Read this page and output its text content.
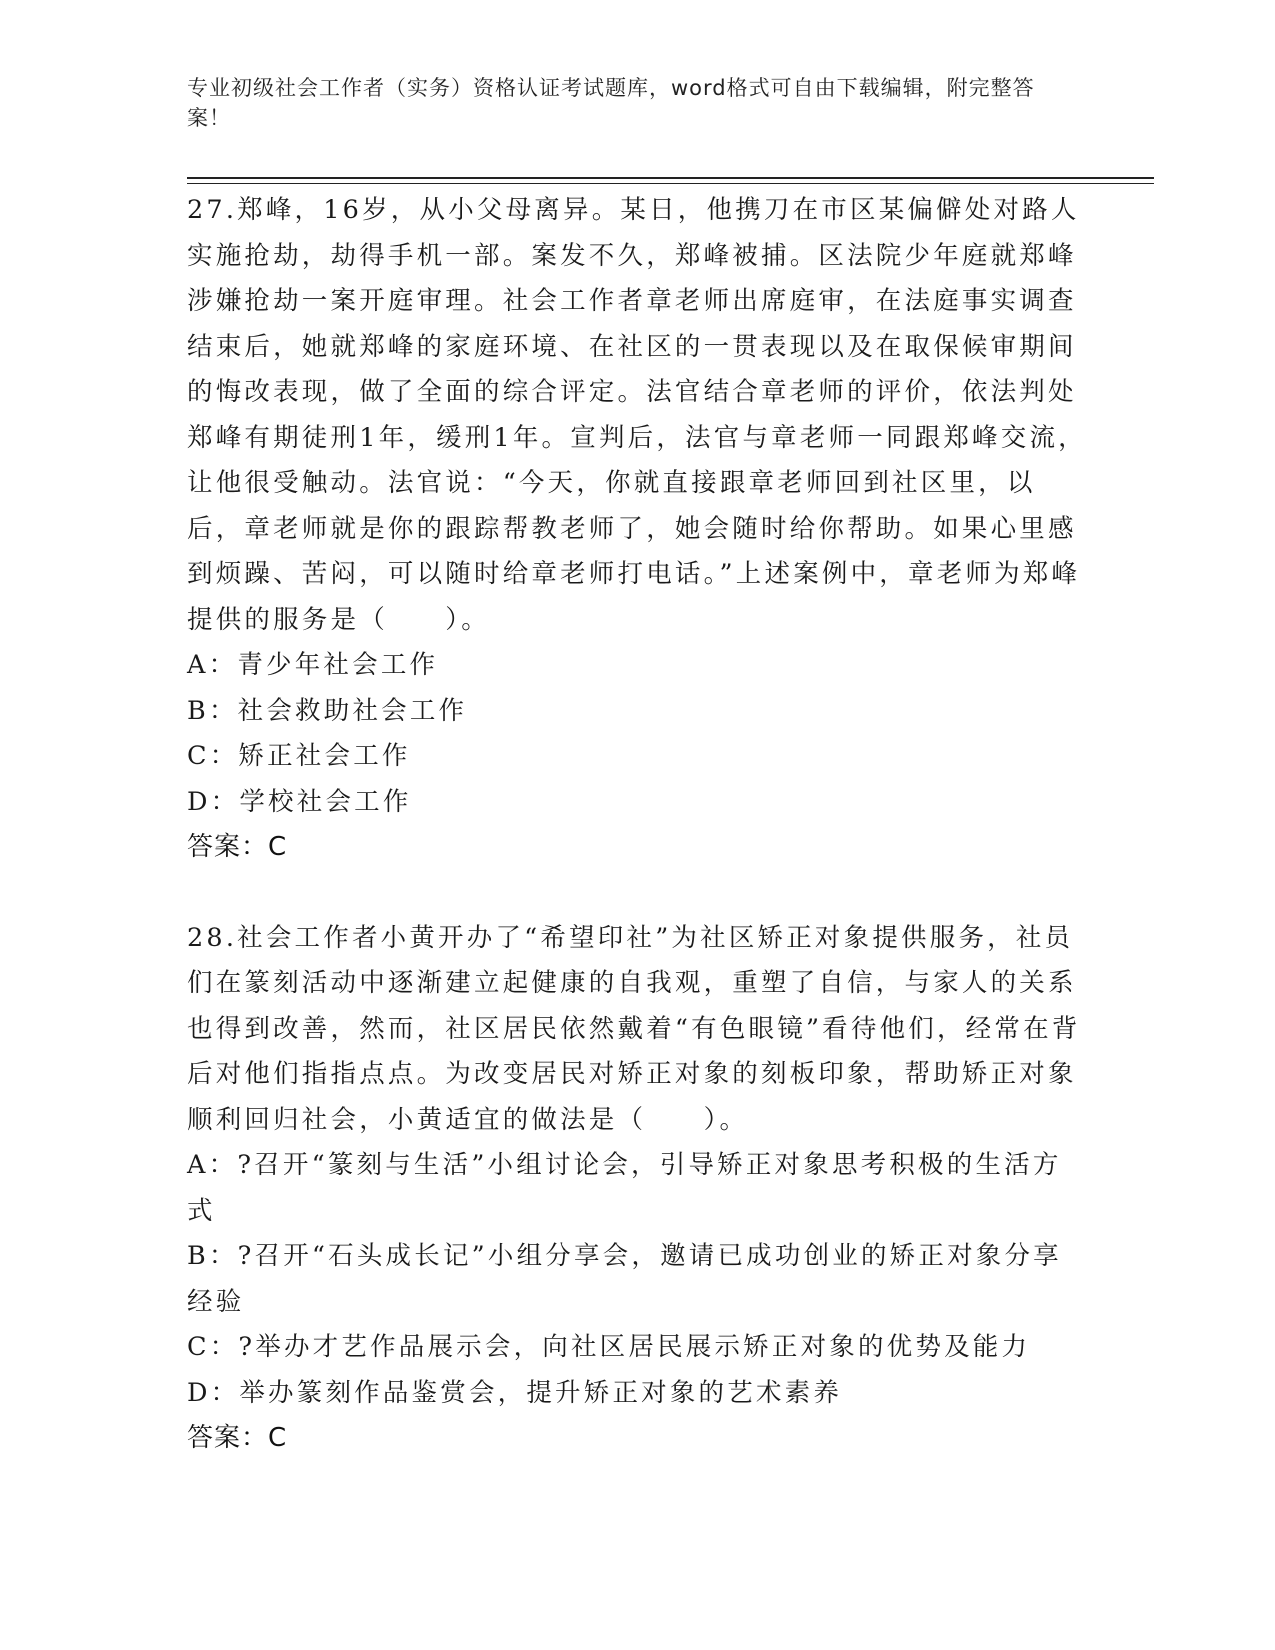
专业初级社会工作者（实务）资格认证考试题库，word格式可自由下载编辑，附完整答案！

27.郑峰，16岁，从小父母离异。某日，他携刀在市区某偏僻处对路人实施抢劫，劫得手机一部。案发不久，郑峰被捕。区法院少年庭就郑峰涉嫌抢劫一案开庭审理。社会工作者章老师出席庭审，在法庭事实调查结束后，她就郑峰的家庭环境、在社区的一贯表现以及在取保候审期间的悔改表现，做了全面的综合评定。法官结合章老师的评价，依法判处郑峰有期徒刑1年，缓刑1年。宣判后，法官与章老师一同跟郑峰交流，让他很受触动。法官说：“今天，你就直接跟章老师回到社区里，以后，章老师就是你的跟踪帮教老师了，她会随时给你帮助。如果心里感到烦躁、苦闷，可以随时给章老师打电话。”上述案例中，章老师为郑峰提供的服务是（　　）。

A：青少年社会工作

B：社会救助社会工作

C：矫正社会工作

D：学校社会工作

答案：C

28.社会工作者小黄开办了“希望印社”为社区矫正对象提供服务，社员们在篆刻活动中逐渐建立起健康的自我观，重塑了自信，与家人的关系也得到改善，然而，社区居民依然戴着“有色眼镜”看待他们，经常在背后对他们指指点点。为改变居民对矫正对象的刻板印象，帮助矫正对象顺利回归社会，小黄适宜的做法是（　　）。

A：?召开“篆刻与生活”小组讨论会，引导矫正对象思考积极的生活方式

B：?召开“石头成长记”小组分享会，邀请已成功创业的矫正对象分享经验

C：?举办才艺作品展示会，向社区居民展示矫正对象的优势及能力

D：举办篆刻作品鉴赏会，提升矫正对象的艺术素养

答案：C
